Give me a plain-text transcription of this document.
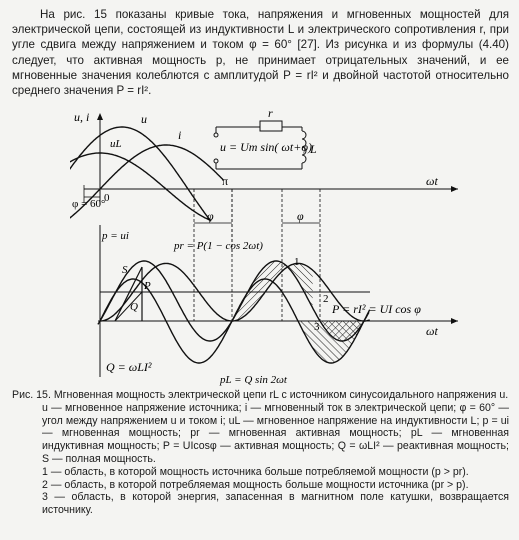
На рис. 15 показаны кривые тока, напряжения и мгновенных мощностей для электрической цепи, состоящей из индуктивности L и электрического сопротивления r, при угле сдвига между напряжением и током φ = 60° [27]. Из рисунка и из формулы (4.40) следует, что активная мощность p, не принимает отрицательных значений, и ее мгновенные значения колеблются с амплитудой P = rI² и двойной частотой относительно среднего значения P = rI².

φ = 60°
φ	φ
u, i	u
uL
i
0
π	ωt
r
u = Um sin( ωt+φ)
L
p = ui
pr = P(1 − cos 2ωt)
S
P
Q
1
2
3
P = rI² = UI cos φ
ωt
Q = ωLI²
pL = Q sin 2ωt

Рис. 15. Мгновенная мощность электрической цепи rL с источником синусоидального напряжения u.

u — мгновенное напряжение источника; i — мгновенный ток в электрической цепи; φ = 60° — угол между напряжением u и током i; uL — мгновенное напряжение на индуктивности L; p = ui — мгновенная мощность; pr — мгновенная активная мощность; pL — мгновенная индуктивная мощность; P = UIcosφ — активная мощность; Q = ωLI² — реактивная мощность; S — полная мощность.

1 — область, в которой мощность источника больше потребляемой мощности (p > pr).

2 — область, в которой потребляемая мощность больше мощности источника (pr > p).

3 — область, в которой энергия, запасенная в магнитном поле катушки, возвращается источнику.
